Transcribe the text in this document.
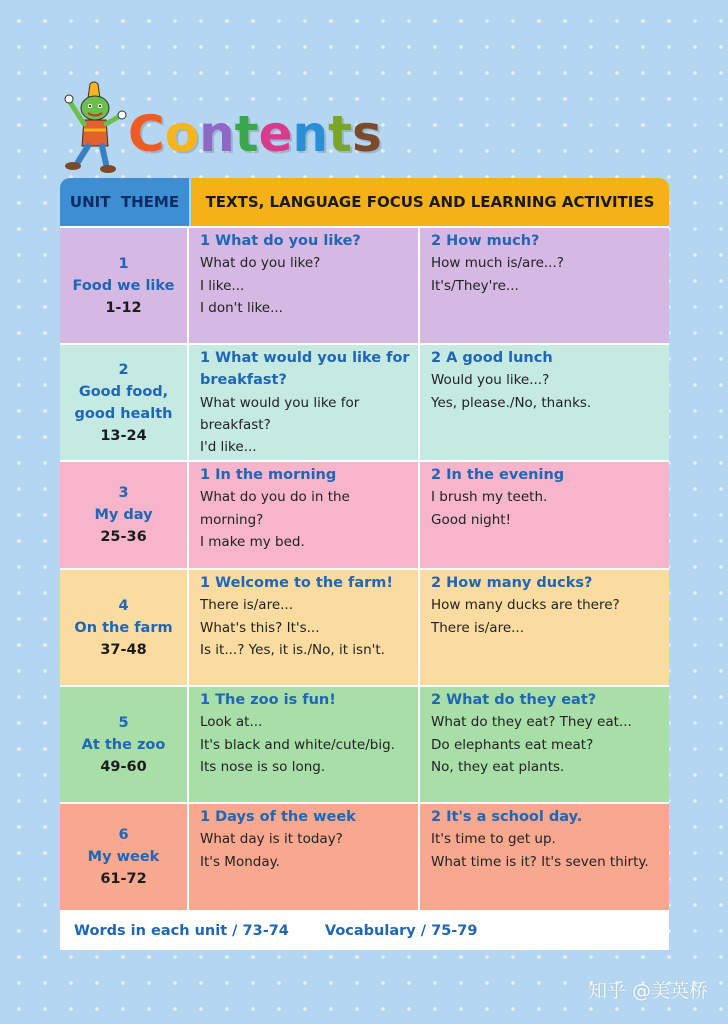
Contents
UNIT  THEME	TEXTS, LANGUAGE FOCUS AND LEARNING ACTIVITIES
1
Food we like
1-12
1 What do you like?
What do you like?
I like...
I don't like...
2 How much?
How much is/are...?
It's/They're...
2
Good food,
good health
13-24
1 What would you like for
breakfast?
What would you like for
breakfast?
I'd like...
2 A good lunch
Would you like...?
Yes, please./No, thanks.
3
My day
25-36
1 In the morning
What do you do in the
morning?
I make my bed.
2 In the evening
I brush my teeth.
Good night!
4
On the farm
37-48
1 Welcome to the farm!
There is/are...
What's this? It's...
Is it...? Yes, it is./No, it isn't.
2 How many ducks?
How many ducks are there?
There is/are...
5
At the zoo
49-60
1 The zoo is fun!
Look at...
It's black and white/cute/big.
Its nose is so long.
2 What do they eat?
What do they eat? They eat...
Do elephants eat meat?
No, they eat plants.
6
My week
61-72
1 Days of the week
What day is it today?
It's Monday.
2 It's a school day.
It's time to get up.
What time is it? It's seven thirty.
Words in each unit / 73-74 Vocabulary / 75-79
知乎 @美英桥
